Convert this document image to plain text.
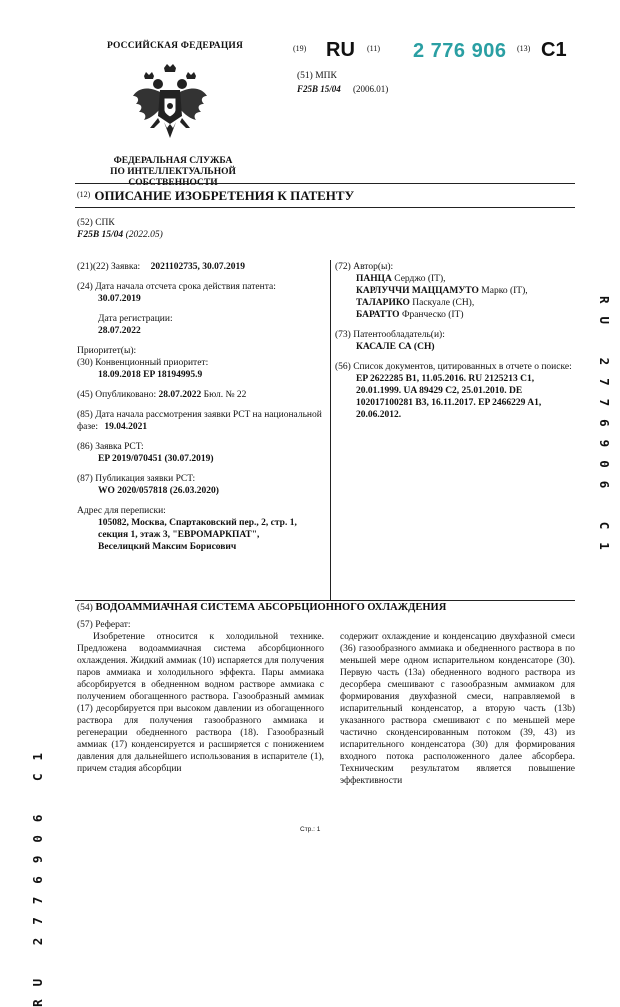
РОССИЙСКАЯ ФЕДЕРАЦИЯ
ФЕДЕРАЛЬНАЯ СЛУЖБА
ПО ИНТЕЛЛЕКТУАЛЬНОЙ СОБСТВЕННОСТИ
(19) RU (11) 2 776 906 (13) C1
(51) МПК
F25B 15/04 (2006.01)
$^{(12)}$ ОПИСАНИЕ ИЗОБРЕТЕНИЯ К ПАТЕНТУ
(52) СПК
F25B 15/04 (2022.05)
(21)(22) Заявка: 2021102735, 30.07.2019
(24) Дата начала отсчета срока действия патента:
30.07.2019
Дата регистрации:
28.07.2022
Приоритет(ы):
(30) Конвенционный приоритет:
18.09.2018 EP 18194995.9
(45) Опубликовано: 28.07.2022 Бюл. № 22
(85) Дата начала рассмотрения заявки PCT на национальной фазе: 19.04.2021
(86) Заявка PCT:
EP 2019/070451 (30.07.2019)
(87) Публикация заявки PCT:
WO 2020/057818 (26.03.2020)
Адрес для переписки:
105082, Москва, Спартаковский пер., 2, стр. 1,
секция 1, этаж 3, "ЕВРОМАРКПАТ",
Веселицкий Максим Борисович
(72) Автор(ы):
ПАНЦА Серджо (IT),
КАРЛУЧЧИ МАЦЦАМУТО Марко (IT),
ТАЛАРИКО Паскуале (CH),
БАРАТТО Франческо (IT)
(73) Патентообладатель(и):
КАСАЛЕ СА (CH)
(56) Список документов, цитированных в отчете о поиске:
EP 2622285 B1, 11.05.2016. RU 2125213 C1, 20.01.1999. UA 89429 C2, 25.01.2010. DE 102017100281 B3, 16.11.2017. EP 2466229 A1, 20.06.2012.
(54) ВОДОАММИАЧНАЯ СИСТЕМА АБСОРБЦИОННОГО ОХЛАЖДЕНИЯ
(57) Реферат:
Изобретение относится к холодильной технике. Предложена водоаммиачная система абсорбционного охлаждения. Жидкий аммиак (10) испаряется для получения паров аммиака и холодильного эффекта. Пары аммиака абсорбируется в обедненном водном растворе аммиака с получением обогащенного раствора. Газообразный аммиак (17) десорбируется при высоком давлении из обогащенного раствора для получения газообразного аммиака и регенерации обедненного раствора (18). Газообразный аммиак (17) конденсируется и расширяется с понижением давления для дальнейшего использования в испарителе (1), причем стадия абсорбции
содержит охлаждение и конденсацию двухфазной смеси (36) газообразного аммиака и обедненного раствора в по меньшей мере одном испарительном конденсаторе (30). Первую часть (13a) обедненного водного раствора из десорбера смешивают с газообразным аммиаком для формирования двухфазной смеси, направляемой в испарительный конденсатор, а вторую часть (13b) указанного раствора смешивают с по меньшей мере частично сконденсированным потоком (39, 43) из испарительного конденсатора (30) для формирования входного потока расположенного далее абсорбера. Техническим результатом является повышение эффективности
Стр.: 1
RU 2776906 C1
RU 2776906 C1
